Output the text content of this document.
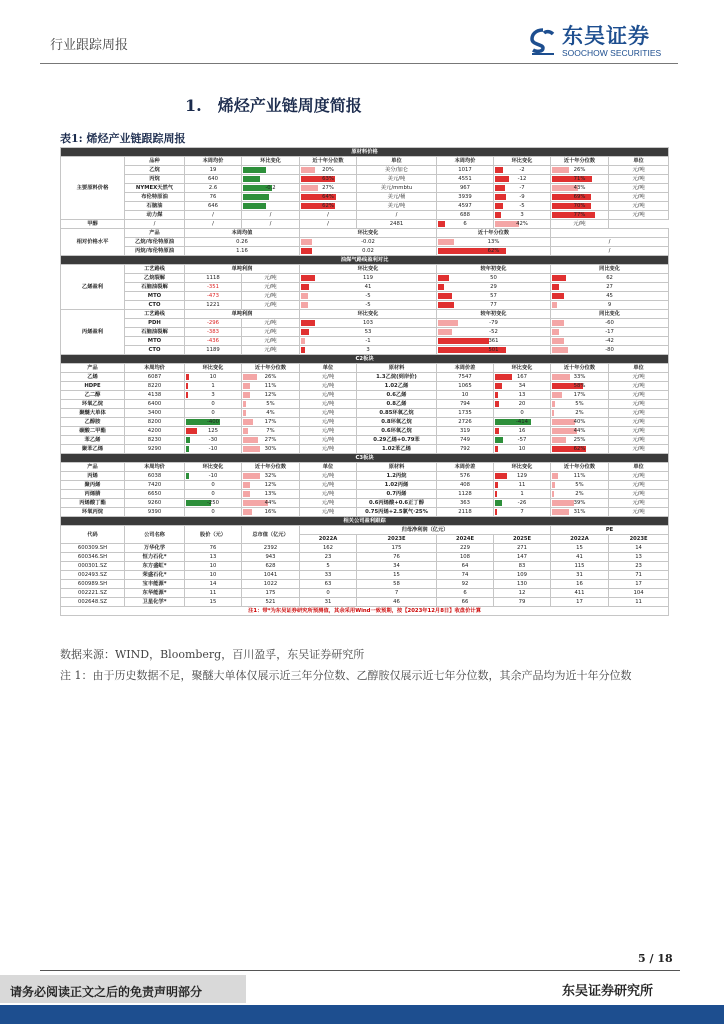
行业跟踪周报	东吴证券
SOOCHOW SECURITIES
1.　烯烃产业链周度简报
表1: 烯烃产业链跟踪周报
原材料价格									
主要原料价格	品种	本周均价	环比变化	近十年分位数	单位	本周均价	环比变化	近十年分位数	单位
	乙烷	19		20%	美分/加仑	1017	-2	26%	元/吨
	丙烷	640		63%	美元/吨	4551	-12	71%	元/吨
	NYMEX天然气	2.6	-0.2	27%	美元/mmbtu	967	-7	43%	元/吨
	布伦特原油	76		64%	美元/桶	3939	-9	69%	元/吨
	石脑油	646		62%	美元/吨	4597	-5	70%	元/吨
	动力煤	/	/	/	/	688	3	77%	元/吨
甲醇	/	/	/	/	2481	6	42%	元/吨	
相对价格水平	产品	本周均值		环比变化		近十年分位数			
	乙烷/布伦特原油	0.26		-0.02		13%		/	
	丙烷/布伦特原油	1.16		0.02		62%		/	
油煤气路线盈利对比									
乙烯盈利	工艺路线	单吨利润		环比变化		较年初变化		同比变化	
	乙烷裂解	1118	元/吨	119		50		62	
	石脑油裂解	-351	元/吨	41		29		27	
	MTO	-473	元/吨	-5		57		45	
	CTO	1221	元/吨	-5		77		9	
丙烯盈利	工艺路线	单吨利润		环比变化		较年初变化		同比变化	
	PDH	-296	元/吨	103		-79		-60	
	石脑油裂解	-383	元/吨	53		-52		-17	
	MTO	-436	元/吨	-1		361		-42	
	CTO	1189	元/吨	3		501		-80	
C2板块									
产品	本周均价	环比变化	近十年分位数	单位	原材料	本周价差	环比变化	近十年分位数	单位
乙烯	6087	10	26%	元/吨	1.3乙烷(到岸价)	7547	167	33%	元/吨
HDPE	8220	1	11%	元/吨	1.02乙烯	1065	34	58%	元/吨
乙二醇	4138	3	12%	元/吨	0.6乙烯	10	13	17%	元/吨
环氧乙烷	6400	0	5%	元/吨	0.8乙烯	794	20	5%	元/吨
聚醚大单体	3400	0	4%	元/吨	0.85环氧乙烷	1735	0	2%	元/吨
乙醇胺	8200	-400	17%	元/吨	0.8环氧乙烷	2726	-414	40%	元/吨
碳酸二甲酯	4200	125	7%	元/吨	0.6环氧乙烷	319	16	44%	元/吨
苯乙烯	8230	-30	27%	元/吨	0.29乙烯+0.79苯	749	-57	25%	元/吨
聚苯乙烯	9290	-10	30%	元/吨	1.02苯乙烯	792	10	62%	元/吨
C3板块									
产品	本周均价	环比变化	近十年分位数	单位	原材料	本周价差	环比变化	近十年分位数	单位
丙烯	6038	-10	32%	元/吨	1.2丙烷	576	129	11%	元/吨
聚丙烯	7420	0	12%	元/吨	1.02丙烯	408	11	5%	元/吨
丙烯腈	6650	0	13%	元/吨	0.7丙烯	1128	1	2%	元/吨
丙烯酸丁酯	9260	-250	44%	元/吨	0.6丙烯酸+0.6正丁醇	363	-26	39%	元/吨
环氧丙烷	9390	0	16%	元/吨	0.75丙烯+2.5氯气·25%	2118	7	31%	元/吨
相关公司盈利跟踪									
代码	公司名称	股价（元）	总市值（亿元）	归母净利润（亿元）				PE	
				2022A	2023E	2024E	2025E	2022A	2023E
600309.SH	万华化学	76	2392	162	175	229	271	15	14
600346.SH	恒力石化*	13	943	23	76	108	147	41	13
000301.SZ	东方盛虹*	10	628	5	34	64	83	115	23
002493.SZ	荣盛石化*	10	1041	33	15	74	109	31	71
600989.SH	宝丰能源*	14	1022	63	58	92	130	16	17
002221.SZ	东华能源*	11	175	0	7	6	12	411	104
002648.SZ	卫星化学*	15	521	31	46	66	79	17	11
注1：带*为东吴证券研究所预测值，其余采用Wind一致预期，按【2023年12月8日】收盘价计算									
数据来源：WIND，Bloomberg，百川盈孚，东吴证券研究所
注 1：由于历史数据不足，聚醚大单体仅展示近三年分位数、乙醇胺仅展示近七年分位数，其余产品均为近十年分位数
5 / 18
请务必阅读正文之后的免责声明部分	东吴证券研究所
